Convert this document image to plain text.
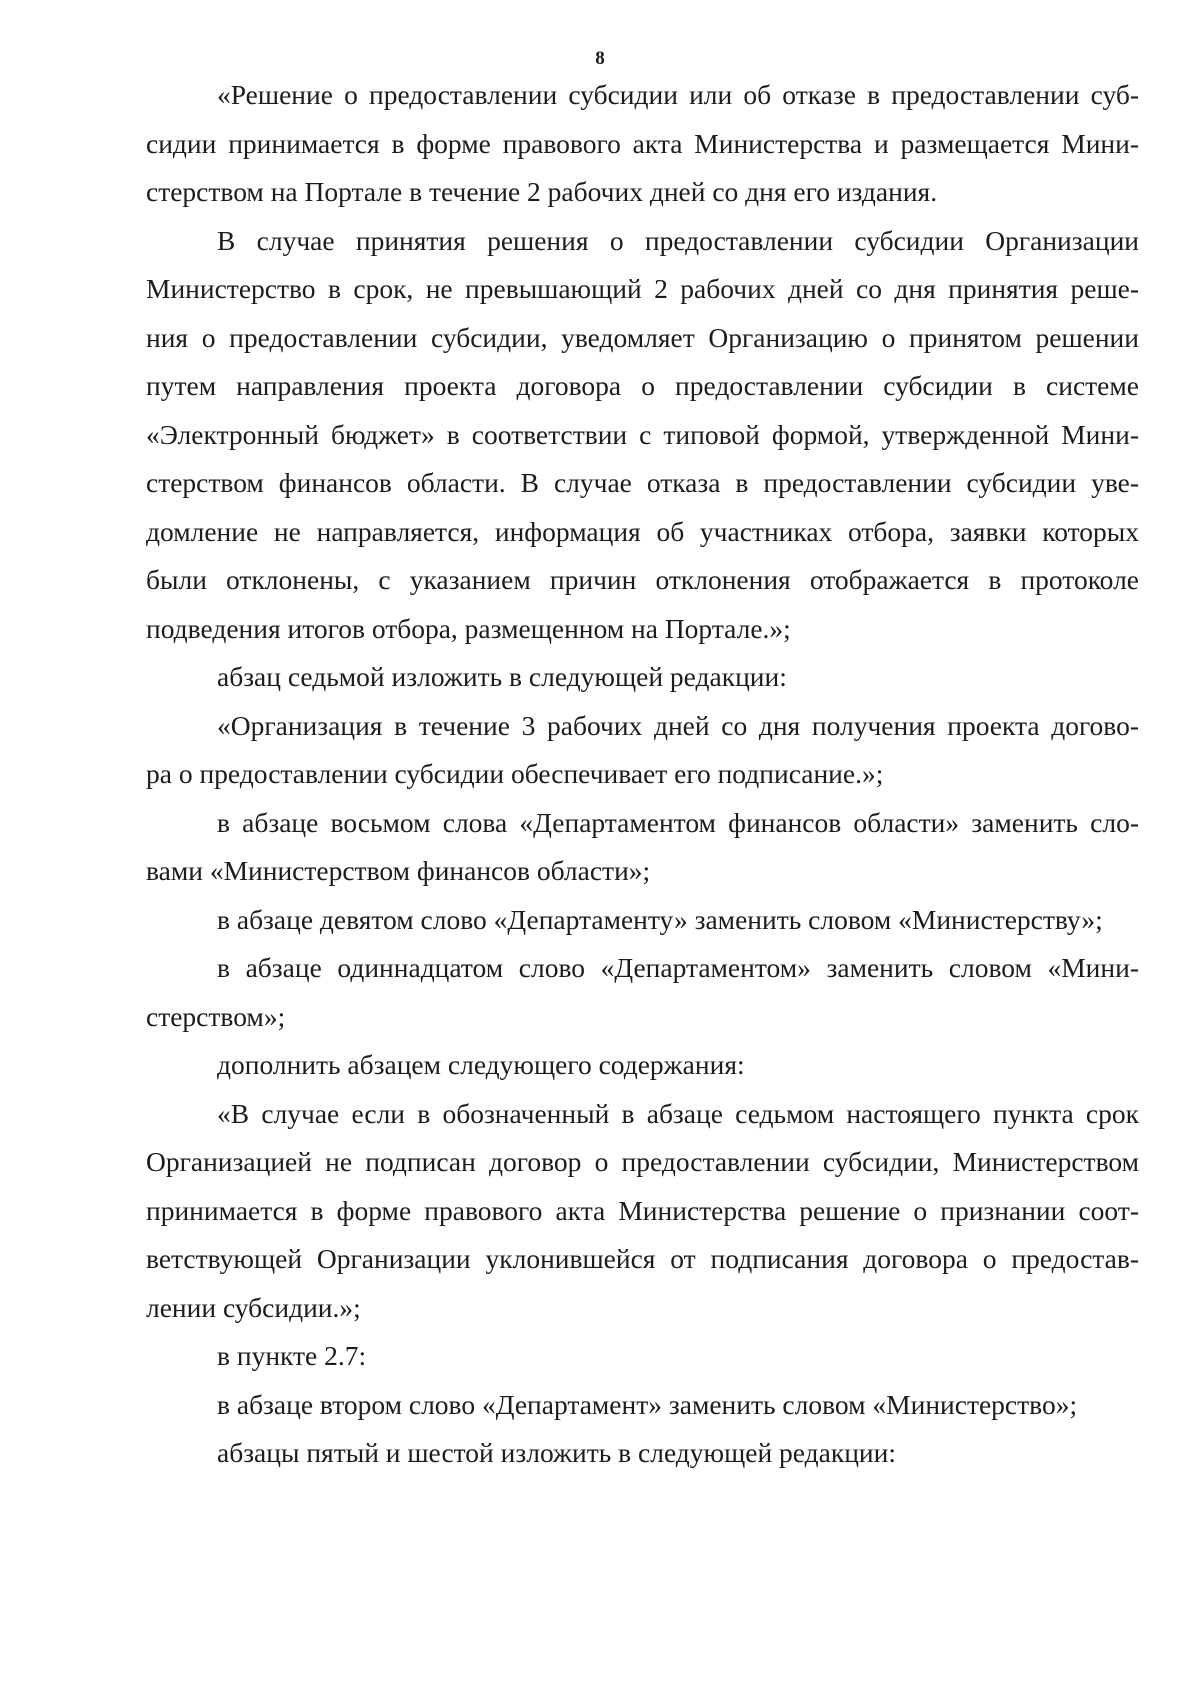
8
«Решение о предоставлении субсидии или об отказе в предоставлении суб-
сидии принимается в форме правового акта Министерства и размещается Мини-
стерством на Портале в течение 2 рабочих дней со дня его издания.
В случае принятия решения о предоставлении субсидии Организации
Министерство в срок, не превышающий 2 рабочих дней со дня принятия реше-
ния о предоставлении субсидии, уведомляет Организацию о принятом решении
путем направления проекта договора о предоставлении субсидии в системе
«Электронный бюджет» в соответствии с типовой формой, утвержденной Мини-
стерством финансов области. В случае отказа в предоставлении субсидии уве-
домление не направляется, информация об участниках отбора, заявки которых
были отклонены, с указанием причин отклонения отображается в протоколе
подведения итогов отбора, размещенном на Портале.»;
абзац седьмой изложить в следующей редакции:
«Организация в течение 3 рабочих дней со дня получения проекта догово-
ра о предоставлении субсидии обеспечивает его подписание.»;
в абзаце восьмом слова «Департаментом финансов области» заменить сло-
вами «Министерством финансов области»;
в абзаце девятом слово «Департаменту» заменить словом «Министерству»;
в абзаце одиннадцатом слово «Департаментом» заменить словом «Мини-
стерством»;
дополнить абзацем следующего содержания:
«В случае если в обозначенный в абзаце седьмом настоящего пункта срок
Организацией не подписан договор о предоставлении субсидии, Министерством
принимается в форме правового акта Министерства решение о признании соот-
ветствующей Организации уклонившейся от подписания договора о предостав-
лении субсидии.»;
в пункте 2.7:
в абзаце втором слово «Департамент» заменить словом «Министерство»;
абзацы пятый и шестой изложить в следующей редакции:
